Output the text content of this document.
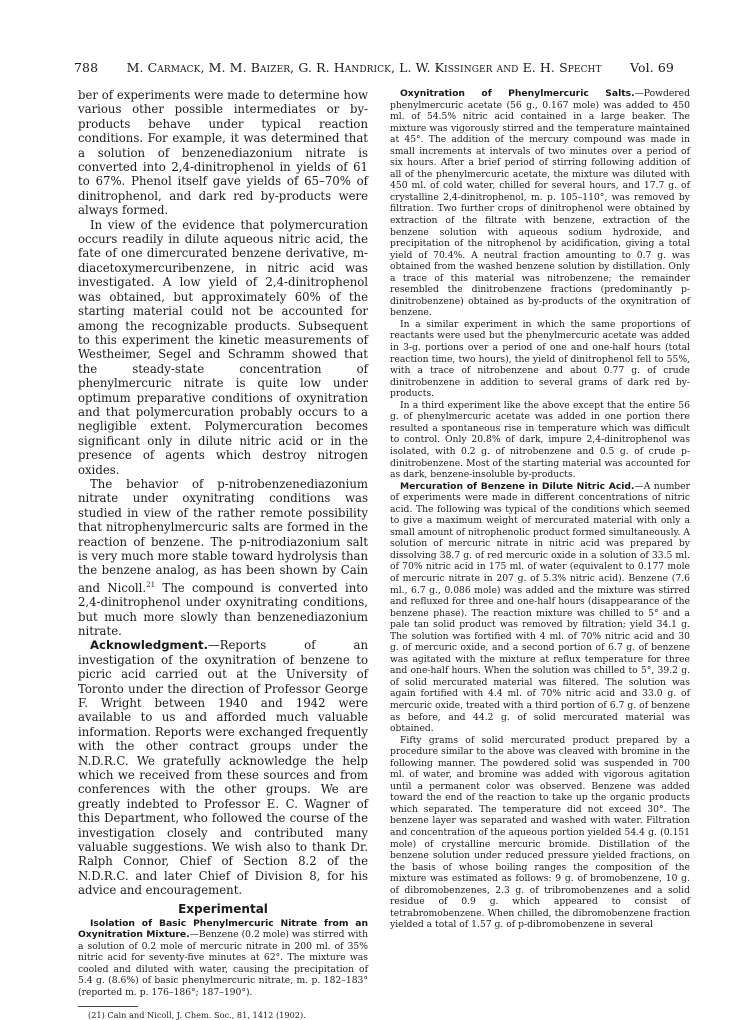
788 M. Carmack, M. M. Baizer, G. R. Handrick, L. W. Kissinger and E. H. Specht Vol. 69

ber of experiments were made to determine how various other possible intermediates or by-products behave under typical reaction conditions. For example, it was determined that a solution of benzenediazonium nitrate is converted into 2,4-dinitrophenol in yields of 61 to 67%. Phenol itself gave yields of 65–70% of dinitrophenol, and dark red by-products were always formed.

In view of the evidence that polymercuration occurs readily in dilute aqueous nitric acid, the fate of one dimercurated benzene derivative, m-diacetoxymercuribenzene, in nitric acid was investigated. A low yield of 2,4-dinitrophenol was obtained, but approximately 60% of the starting material could not be accounted for among the recognizable products. Subsequent to this experiment the kinetic measurements of Westheimer, Segel and Schramm showed that the steady-state concentration of phenylmercuric nitrate is quite low under optimum preparative conditions of oxynitration and that polymercuration probably occurs to a negligible extent. Polymercuration becomes significant only in dilute nitric acid or in the presence of agents which destroy nitrogen oxides.

The behavior of p-nitrobenzenediazonium nitrate under oxynitrating conditions was studied in view of the rather remote possibility that nitrophenylmercuric salts are formed in the reaction of benzene. The p-nitrodiazonium salt is very much more stable toward hydrolysis than the benzene analog, as has been shown by Cain and Nicoll.$^{21}$ The compound is converted into 2,4-dinitrophenol under oxynitrating conditions, but much more slowly than benzenediazonium nitrate.

Acknowledgment.—Reports of an investigation of the oxynitration of benzene to picric acid carried out at the University of Toronto under the direction of Professor George F. Wright between 1940 and 1942 were available to us and afforded much valuable information. Reports were exchanged frequently with the other contract groups under the N.D.R.C. We gratefully acknowledge the help which we received from these sources and from conferences with the other groups. We are greatly indebted to Professor E. C. Wagner of this Department, who followed the course of the investigation closely and contributed many valuable suggestions. We wish also to thank Dr. Ralph Connor, Chief of Section 8.2 of the N.D.R.C. and later Chief of Division 8, for his advice and encouragement.

Experimental

Isolation of Basic Phenylmercuric Nitrate from an Oxynitration Mixture.—Benzene (0.2 mole) was stirred with a solution of 0.2 mole of mercuric nitrate in 200 ml. of 35% nitric acid for seventy-five minutes at 62°. The mixture was cooled and diluted with water, causing the precipitation of 5.4 g. (8.6%) of basic phenylmercuric nitrate, m. p. 182–183° (reported m. p. 176–186°; 187–190°).

(21) Cain and Nicoll, J. Chem. Soc., 81, 1412 (1902).

Oxynitration of Phenylmercuric Salts.—Powdered phenylmercuric acetate (56 g., 0.167 mole) was added to 450 ml. of 54.5% nitric acid contained in a large beaker. The mixture was vigorously stirred and the temperature maintained at 45°. The addition of the mercury compound was made in small increments at intervals of two minutes over a period of six hours. After a brief period of stirring following addition of all of the phenylmercuric acetate, the mixture was diluted with 450 ml. of cold water, chilled for several hours, and 17.7 g. of crystalline 2,4-dinitrophenol, m. p. 105–110°, was removed by filtration. Two further crops of dinitrophenol were obtained by extraction of the filtrate with benzene, extraction of the benzene solution with aqueous sodium hydroxide, and precipitation of the nitrophenol by acidification, giving a total yield of 70.4%. A neutral fraction amounting to 0.7 g. was obtained from the washed benzene solution by distillation. Only a trace of this material was nitrobenzene; the remainder resembled the dinitrobenzene fractions (predominantly p-dinitrobenzene) obtained as by-products of the oxynitration of benzene.

In a similar experiment in which the same proportions of reactants were used but the phenylmercuric acetate was added in 3-g. portions over a period of one and one-half hours (total reaction time, two hours), the yield of dinitrophenol fell to 55%, with a trace of nitrobenzene and about 0.77 g. of crude dinitrobenzene in addition to several grams of dark red by-products.

In a third experiment like the above except that the entire 56 g. of phenylmercuric acetate was added in one portion there resulted a spontaneous rise in temperature which was difficult to control. Only 20.8% of dark, impure 2,4-dinitrophenol was isolated, with 0.2 g. of nitrobenzene and 0.5 g. of crude p-dinitrobenzene. Most of the starting material was accounted for as dark, benzene-insoluble by-products.

Mercuration of Benzene in Dilute Nitric Acid.—A number of experiments were made in different concentrations of nitric acid. The following was typical of the conditions which seemed to give a maximum weight of mercurated material with only a small amount of nitrophenolic product formed simultaneously. A solution of mercuric nitrate in nitric acid was prepared by dissolving 38.7 g. of red mercuric oxide in a solution of 33.5 ml. of 70% nitric acid in 175 ml. of water (equivalent to 0.177 mole of mercuric nitrate in 207 g. of 5.3% nitric acid). Benzene (7.6 ml., 6.7 g., 0.086 mole) was added and the mixture was stirred and refluxed for three and one-half hours (disappearance of the benzene phase). The reaction mixture was chilled to 5° and a pale tan solid product was removed by filtration; yield 34.1 g. The solution was fortified with 4 ml. of 70% nitric acid and 30 g. of mercuric oxide, and a second portion of 6.7 g. of benzene was agitated with the mixture at reflux temperature for three and one-half hours. When the solution was chilled to 5°, 39.2 g. of solid mercurated material was filtered. The solution was again fortified with 4.4 ml. of 70% nitric acid and 33.0 g. of mercuric oxide, treated with a third portion of 6.7 g. of benzene as before, and 44.2 g. of solid mercurated material was obtained.

Fifty grams of solid mercurated product prepared by a procedure similar to the above was cleaved with bromine in the following manner. The powdered solid was suspended in 700 ml. of water, and bromine was added with vigorous agitation until a permanent color was observed. Benzene was added toward the end of the reaction to take up the organic products which separated. The temperature did not exceed 30°. The benzene layer was separated and washed with water. Filtration and concentration of the aqueous portion yielded 54.4 g. (0.151 mole) of crystalline mercuric bromide. Distillation of the benzene solution under reduced pressure yielded fractions, on the basis of whose boiling ranges the composition of the mixture was estimated as follows: 9 g. of bromobenzene, 10 g. of dibromobenzenes, 2.3 g. of tribromobenzenes and a solid residue of 0.9 g. which appeared to consist of tetrabromobenzene. When chilled, the dibromobenzene fraction yielded a total of 1.57 g. of p-dibromobenzene in several
